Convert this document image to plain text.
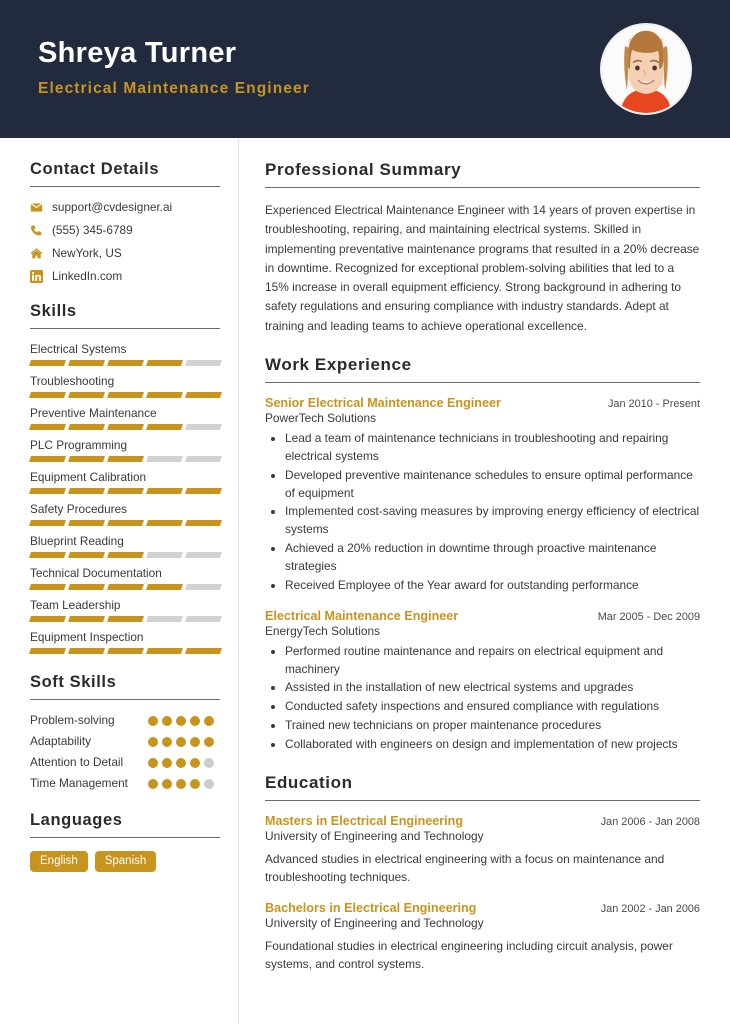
Shreya Turner
Electrical Maintenance Engineer
Contact Details
support@cvdesigner.ai
(555) 345-6789
NewYork, US
LinkedIn.com
Skills
Electrical Systems
Troubleshooting
Preventive Maintenance
PLC Programming
Equipment Calibration
Safety Procedures
Blueprint Reading
Technical Documentation
Team Leadership
Equipment Inspection
Soft Skills
Problem-solving
Adaptability
Attention to Detail
Time Management
Languages
English	Spanish
Professional Summary
Experienced Electrical Maintenance Engineer with 14 years of proven expertise in troubleshooting, repairing, and maintaining electrical systems. Skilled in implementing preventative maintenance programs that resulted in a 20% decrease in downtime. Recognized for exceptional problem-solving abilities that led to a 15% increase in overall equipment efficiency. Strong background in adhering to safety regulations and ensuring compliance with industry standards. Adept at training and leading teams to achieve operational excellence.
Work Experience
Senior Electrical Maintenance Engineer	Jan 2010 - Present
PowerTech Solutions
• Lead a team of maintenance technicians in troubleshooting and repairing electrical systems
• Developed preventive maintenance schedules to ensure optimal performance of equipment
• Implemented cost-saving measures by improving energy efficiency of electrical systems
• Achieved a 20% reduction in downtime through proactive maintenance strategies
• Received Employee of the Year award for outstanding performance
Electrical Maintenance Engineer	Mar 2005 - Dec 2009
EnergyTech Solutions
• Performed routine maintenance and repairs on electrical equipment and machinery
• Assisted in the installation of new electrical systems and upgrades
• Conducted safety inspections and ensured compliance with regulations
• Trained new technicians on proper maintenance procedures
• Collaborated with engineers on design and implementation of new projects
Education
Masters in Electrical Engineering	Jan 2006 - Jan 2008
University of Engineering and Technology
Advanced studies in electrical engineering with a focus on maintenance and troubleshooting techniques.
Bachelors in Electrical Engineering	Jan 2002 - Jan 2006
University of Engineering and Technology
Foundational studies in electrical engineering including circuit analysis, power systems, and control systems.
